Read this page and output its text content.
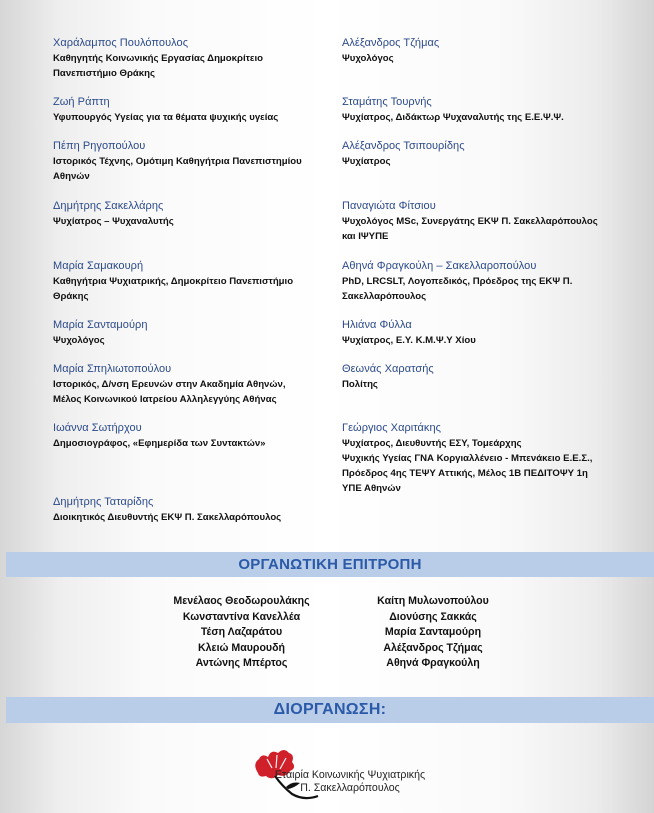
Χαράλαμπος Πουλόπουλος
Καθηγητής Κοινωνικής Εργασίας Δημοκρίτειο
Πανεπιστήμιο Θράκης
Ζωή Ράπτη
Υφυπουργός Υγείας για τα θέματα ψυχικής υγείας
Πέπη Ρηγοπούλου
Ιστορικός Τέχνης, Ομότιμη Καθηγήτρια Πανεπιστημίου
Αθηνών
Δημήτρης Σακελλάρης
Ψυχίατρος – Ψυχαναλυτής
Μαρία Σαμακουρή
Καθηγήτρια Ψυχιατρικής, Δημοκρίτειο Πανεπιστήμιο
Θράκης
Μαρία Σανταμούρη
Ψυχολόγος
Μαρία Σπηλιωτοπούλου
Ιστορικός, Δ/νση Ερευνών στην Ακαδημία Αθηνών,
Μέλος Κοινωνικού Ιατρείου Αλληλεγγύης Αθήνας
Ιωάννα Σωτήρχου
Δημοσιογράφος, «Εφημερίδα των Συντακτών»
Δημήτρης Ταταρίδης
Διοικητικός Διευθυντής ΕΚΨ Π. Σακελλαρόπουλος
Αλέξανδρος Τζήμας
Ψυχολόγος
Σταμάτης Τουρνής
Ψυχίατρος, Διδάκτωρ Ψυχαναλυτής της Ε.Ε.Ψ.Ψ.
Αλέξανδρος Τσιπουρίδης
Ψυχίατρος
Παναγιώτα Φίτσιου
Ψυχολόγος MSc, Συνεργάτης ΕΚΨ Π. Σακελλαρόπουλος
και ΙΨΥΠΕ
Αθηνά Φραγκούλη – Σακελλαροπούλου
PhD, LRCSLT, Λογοπεδικός, Πρόεδρος της ΕΚΨ Π.
Σακελλαρόπουλος
Ηλιάνα Φύλλα
Ψυχίατρος, Ε.Υ. Κ.Μ.Ψ.Υ Χίου
Θεωνάς Χαρατσής
Πολίτης
Γεώργιος Χαριτάκης
Ψυχίατρος, Διευθυντής ΕΣΥ, Τομεάρχης
Ψυχικής Υγείας ΓΝΑ Κοργιαλλένειο - Μπενάκειο Ε.Ε.Σ.,
Πρόεδρος 4ης ΤΕΨΥ Αττικής, Μέλος 1Β ΠΕΔΙΤΟΨΥ 1η
ΥΠΕ Αθηνών
ΟΡΓΑΝΩΤΙΚΗ ΕΠΙΤΡΟΠΗ
Μενέλαος Θεοδωρουλάκης
Κωνσταντίνα Κανελλέα
Τέση Λαζαράτου
Κλειώ Μαυρουδή
Αντώνης Μπέρτος
Καίτη Μυλωνοπούλου
Διονύσης Σακκάς
Μαρία Σανταμούρη
Αλέξανδρος Τζήμας
Αθηνά Φραγκούλη
ΔΙΟΡΓΑΝΩΣΗ:
Εταιρία Κοινωνικής Ψυχιατρικής
Π. Σακελλαρόπουλος
